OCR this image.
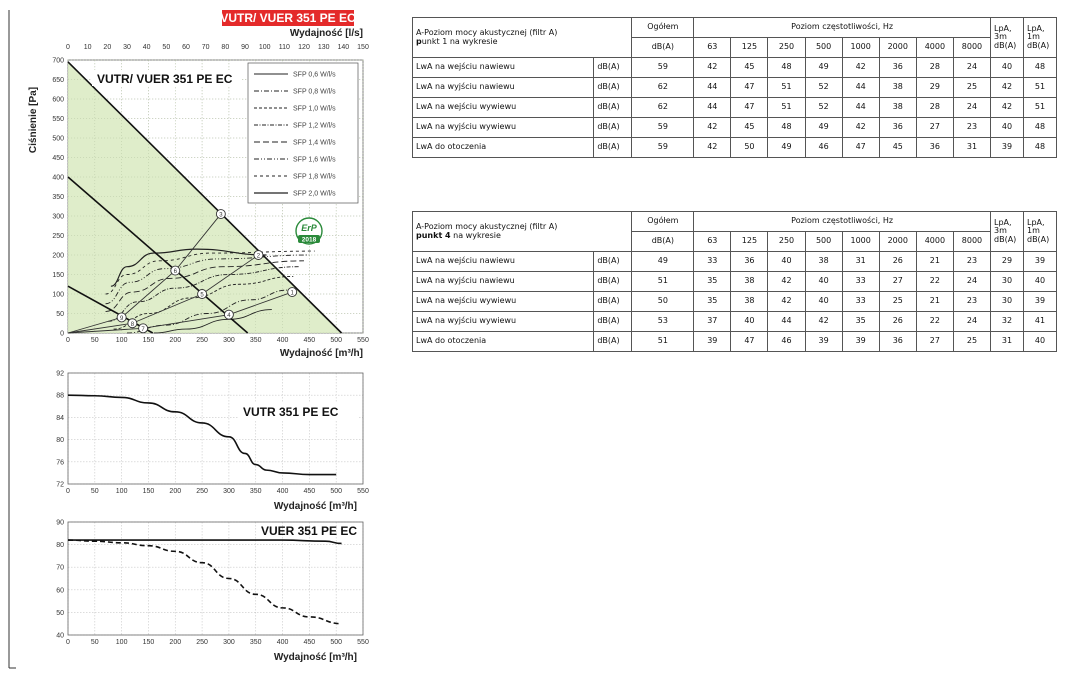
VUTR/ VUER 351 PE EC
0	50 100 150 200 250 300 350 400 450 500 550
0
50
100
150
200
250
300
350
400
450
500
550
600
650
700
1
2
3
4
5
6
7
8
9
0 10 20 30 40 50 60 70 80 90 100 110 120 130 140 150
Wydajność [l/s]
Wydajność [m³/h]
Ciśnienie [Pa]
VUTR/ VUER 351 PE EC	SFP 0,6 W/l/s
SFP 0,8 W/l/s
SFP 1,0 W/l/s
SFP 1,2 W/l/s
SFP 1,4 W/l/s
SFP 1,6 W/l/s
SFP 1,8 W/l/s
SFP 2,0 W/l/s
ErP
2018
0	50 100 150 200 250 300 350 400 450 500 550
72
76
80
84
88
92
VUTR 351 PE EC
Wydajność [m³/h]
0	50 100 150 200 250 300 350 400 450 500 550
40
50
60
70
80
90
VUER 351 PE EC
Wydajność [m³/h]
A-Poziom mocy akustycznej (filtr A)
punkt 1 na wykresie		Ogółem	Poziom częstotliwości, Hz								LpA,
3m
dB(A)	LpA,
1m
dB(A)
		dB(A)	63	125	250	500	1000	2000	4000	8000		
LwA na wejściu nawiewu	dB(A)	59	42	45	48	49	42	36	28	24	40	48
LwA na wyjściu nawiewu	dB(A)	62	44	47	51	52	44	38	29	25	42	51
LwA na wejściu wywiewu	dB(A)	62	44	47	51	52	44	38	28	24	42	51
LwA na wyjściu wywiewu	dB(A)	59	42	45	48	49	42	36	27	23	40	48
LwA do otoczenia	dB(A)	59	42	50	49	46	47	45	36	31	39	48
A-Poziom mocy akustycznej (filtr A)
punkt 4 na wykresie		Ogółem	Poziom częstotliwości, Hz								LpA,
3m
dB(A)	LpA,
1m
dB(A)
		dB(A)	63	125	250	500	1000	2000	4000	8000		
LwA na wejściu nawiewu	dB(A)	49	33	36	40	38	31	26	21	23	29	39
LwA na wyjściu nawiewu	dB(A)	51	35	38	42	40	33	27	22	24	30	40
LwA na wejściu wywiewu	dB(A)	50	35	38	42	40	33	25	21	23	30	39
LwA na wyjściu wywiewu	dB(A)	53	37	40	44	42	35	26	22	24	32	41
LwA do otoczenia	dB(A)	51	39	47	46	39	39	36	27	25	31	40
